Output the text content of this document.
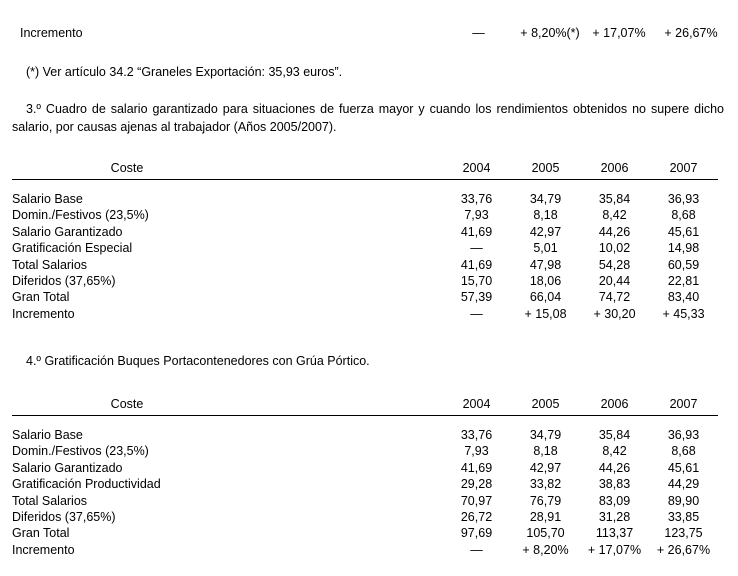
Incremento	—	+ 8,20%(*)	+ 17,07%	+ 26,67%
(*) Ver artículo 34.2 “Graneles Exportación: 35,93 euros”.
3.º Cuadro de salario garantizado para situaciones de fuerza mayor y cuando los rendimientos obtenidos no supere dicho salario, por causas ajenas al trabajador (Años 2005/2007).
Coste	2004	2005	2006	2007

Salario Base	33,76	34,79	35,84	36,93
Domin./Festivos (23,5%)	7,93	8,18	8,42	8,68
Salario Garantizado	41,69	42,97	44,26	45,61
Gratificación Especial	—	5,01	10,02	14,98
Total Salarios	41,69	47,98	54,28	60,59
Diferidos (37,65%)	15,70	18,06	20,44	22,81
Gran Total	57,39	66,04	74,72	83,40
Incremento	—	+ 15,08	+ 30,20	+ 45,33
4.º Gratificación Buques Portacontenedores con Grúa Pórtico.
Coste	2004	2005	2006	2007

Salario Base	33,76	34,79	35,84	36,93
Domin./Festivos (23,5%)	7,93	8,18	8,42	8,68
Salario Garantizado	41,69	42,97	44,26	45,61
Gratificación Productividad	29,28	33,82	38,83	44,29
Total Salarios	70,97	76,79	83,09	89,90
Diferidos (37,65%)	26,72	28,91	31,28	33,85
Gran Total	97,69	105,70	113,37	123,75
Incremento	—	+ 8,20%	+ 17,07%	+ 26,67%
